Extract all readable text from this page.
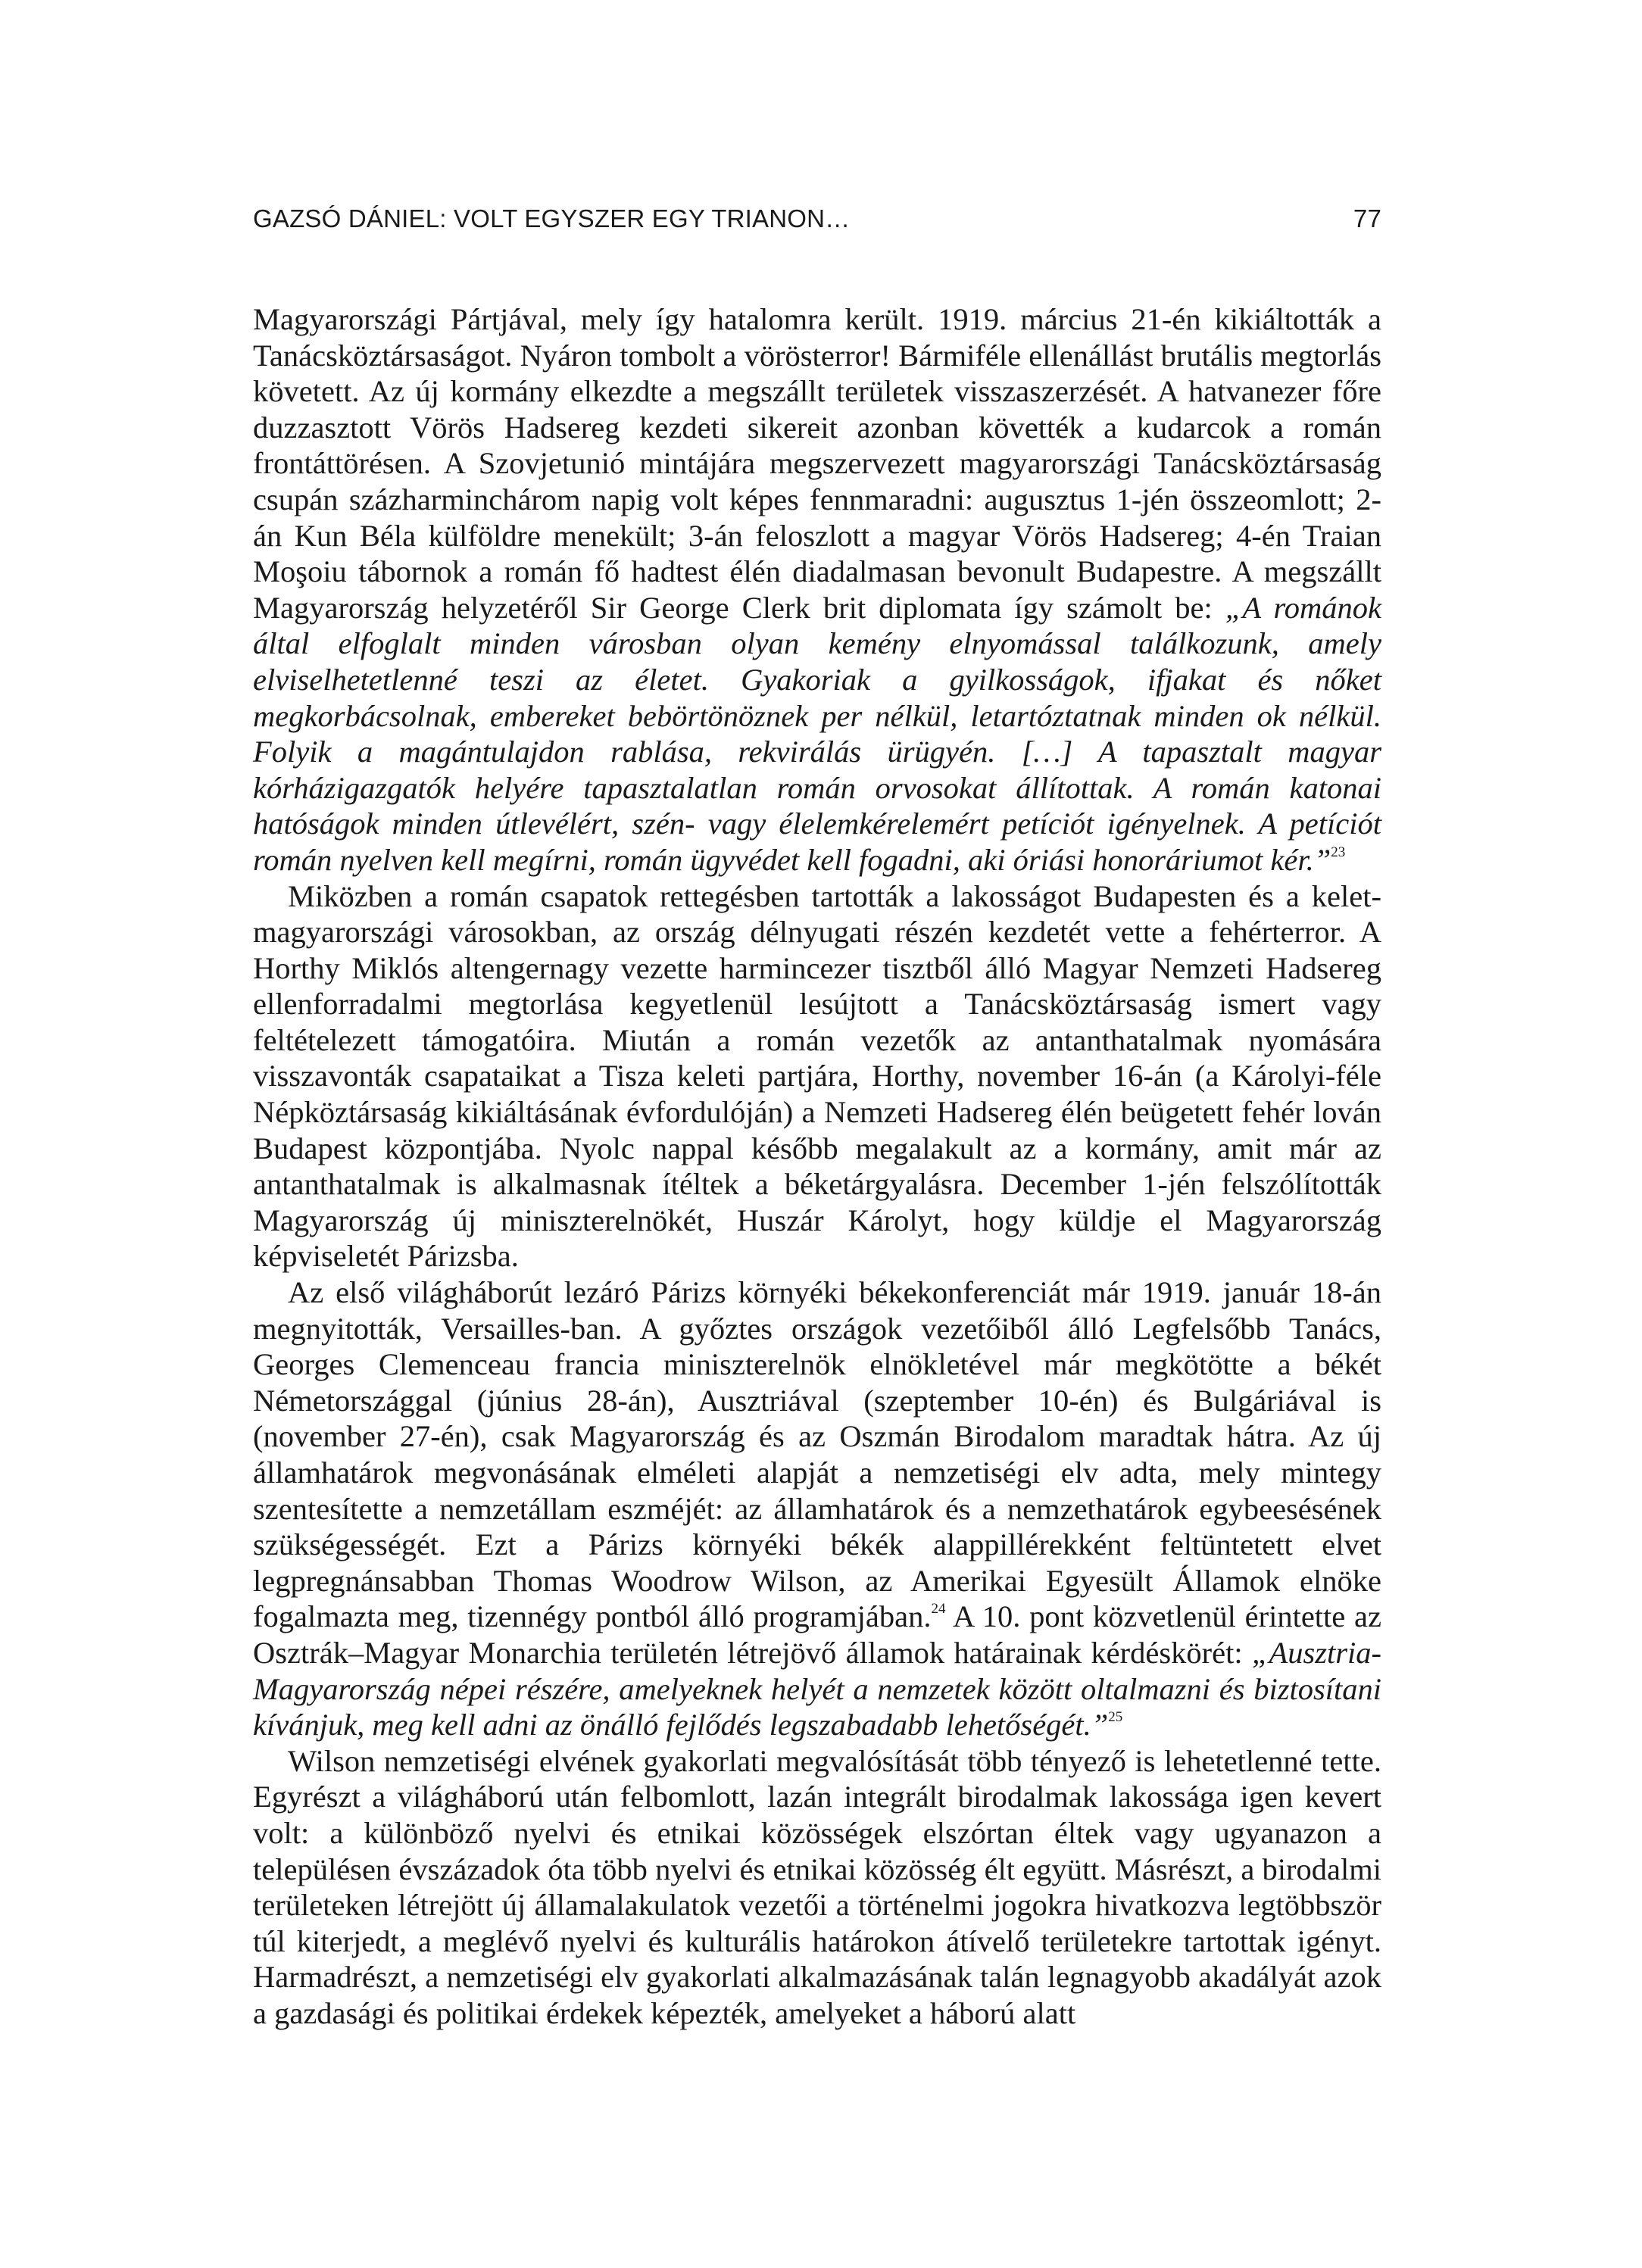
GAZSÓ DÁNIEL: VOLT EGYSZER EGY TRIANON…	77

Magyarországi Pártjával, mely így hatalomra került. 1919. március 21-én kikiáltották a Tanácsköztársaságot. Nyáron tombolt a vörösterror! Bármiféle ellenállást brutális megtorlás követett. Az új kormány elkezdte a megszállt területek visszaszerzését. A hatvanezer főre duzzasztott Vörös Hadsereg kezdeti sikereit azonban követték a kudarcok a román frontáttörésen. A Szovjetunió mintájára megszervezett magyarországi Tanácsköztársaság csupán százharminchárom napig volt képes fennmaradni: augusztus 1-jén összeomlott; 2-án Kun Béla külföldre menekült; 3-án feloszlott a magyar Vörös Hadsereg; 4-én Traian Moşoiu tábornok a román fő hadtest élén diadalmasan bevonult Budapestre. A megszállt Magyarország helyzetéről Sir George Clerk brit diplomata így számolt be: „A románok által elfoglalt minden városban olyan kemény elnyomással találkozunk, amely elviselhetetlenné teszi az életet. Gyakoriak a gyilkosságok, ifjakat és nőket megkorbácsolnak, embereket bebörtönöznek per nélkül, letartóztatnak minden ok nélkül. Folyik a magántulajdon rablása, rekvirálás ürügyén. […] A tapasztalt magyar kórházigazgatók helyére tapasztalatlan román orvosokat állítottak. A román katonai hatóságok minden útlevélért, szén- vagy élelemkérelemért petíciót igényelnek. A petíciót román nyelven kell megírni, román ügyvédet kell fogadni, aki óriási honoráriumot kér.”$^{23}$

Miközben a román csapatok rettegésben tartották a lakosságot Budapesten és a kelet-magyarországi városokban, az ország délnyugati részén kezdetét vette a fehérterror. A Horthy Miklós altengernagy vezette harmincezer tisztből álló Magyar Nemzeti Hadsereg ellenforradalmi megtorlása kegyetlenül lesújtott a Tanácsköztársaság ismert vagy feltételezett támogatóira. Miután a román vezetők az antanthatalmak nyomására visszavonták csapataikat a Tisza keleti partjára, Horthy, november 16-án (a Károlyi-féle Népköztársaság kikiáltásának évfordulóján) a Nemzeti Hadsereg élén beügetett fehér lován Budapest központjába. Nyolc nappal később megalakult az a kormány, amit már az antanthatalmak is alkalmasnak ítéltek a béketárgyalásra. December 1-jén felszólították Magyarország új miniszterelnökét, Huszár Károlyt, hogy küldje el Magyarország képviseletét Párizsba.

Az első világháborút lezáró Párizs környéki békekonferenciát már 1919. január 18-án megnyitották, Versailles-ban. A győztes országok vezetőiből álló Legfelsőbb Tanács, Georges Clemenceau francia miniszterelnök elnökletével már megkötötte a békét Németországgal (június 28-án), Ausztriával (szeptember 10-én) és Bulgáriával is (november 27-én), csak Magyarország és az Oszmán Birodalom maradtak hátra. Az új államhatárok megvonásának elméleti alapját a nemzetiségi elv adta, mely mintegy szentesítette a nemzetállam eszméjét: az államhatárok és a nemzethatárok egybeesésének szükségességét. Ezt a Párizs környéki békék alappillérekként feltüntetett elvet legpregnánsabban Thomas Woodrow Wilson, az Amerikai Egyesült Államok elnöke fogalmazta meg, tizennégy pontból álló programjában.$^{24}$ A 10. pont közvetlenül érintette az Osztrák–Magyar Monarchia területén létrejövő államok határainak kérdéskörét: „Ausztria-Magyarország népei részére, amelyeknek helyét a nemzetek között oltalmazni és biztosítani kívánjuk, meg kell adni az önálló fejlődés legszabadabb lehetőségét.”$^{25}$

Wilson nemzetiségi elvének gyakorlati megvalósítását több tényező is lehetetlenné tette. Egyrészt a világháború után felbomlott, lazán integrált birodalmak lakossága igen kevert volt: a különböző nyelvi és etnikai közösségek elszórtan éltek vagy ugyanazon a településen évszázadok óta több nyelvi és etnikai közösség élt együtt. Másrészt, a birodalmi területeken létrejött új államalakulatok vezetői a történelmi jogokra hivatkozva legtöbbször túl kiterjedt, a meglévő nyelvi és kulturális határokon átívelő területekre tartottak igényt. Harmadrészt, a nemzetiségi elv gyakorlati alkalmazásának talán legnagyobb akadályát azok a gazdasági és politikai érdekek képezték, amelyeket a háború alatt
